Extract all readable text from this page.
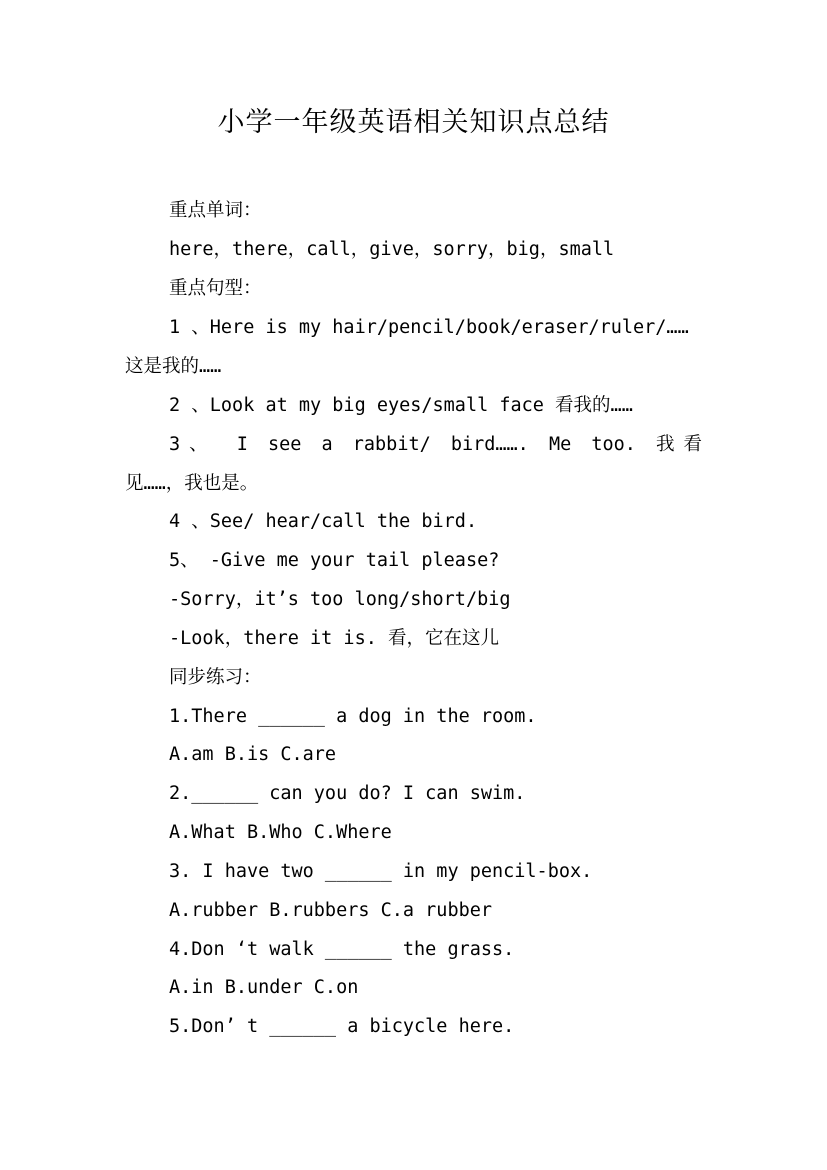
小学一年级英语相关知识点总结

重点单词：

here，there，call，give，sorry，big，small

重点句型：

1 、Here is my hair/pencil/book/eraser/ruler/……

这是我的……

2 、Look at my big eyes/small face 看我的……

3、 I see a rabbit/ bird……. Me too. 我看

见……，我也是。

4 、See/ hear/call the bird.

5、 -Give me your tail please?

-Sorry，it’s too long/short/big

-Look，there it is. 看，它在这儿

同步练习：

1.There ______ a dog in the room.

A.am B.is C.are

2.______ can you do? I can swim.

A.What B.Who C.Where

3. I have two ______ in my pencil-box.

A.rubber B.rubbers C.a rubber

4.Don ‘t walk ______ the grass.

A.in B.under C.on

5.Don’ t ______ a bicycle here.
